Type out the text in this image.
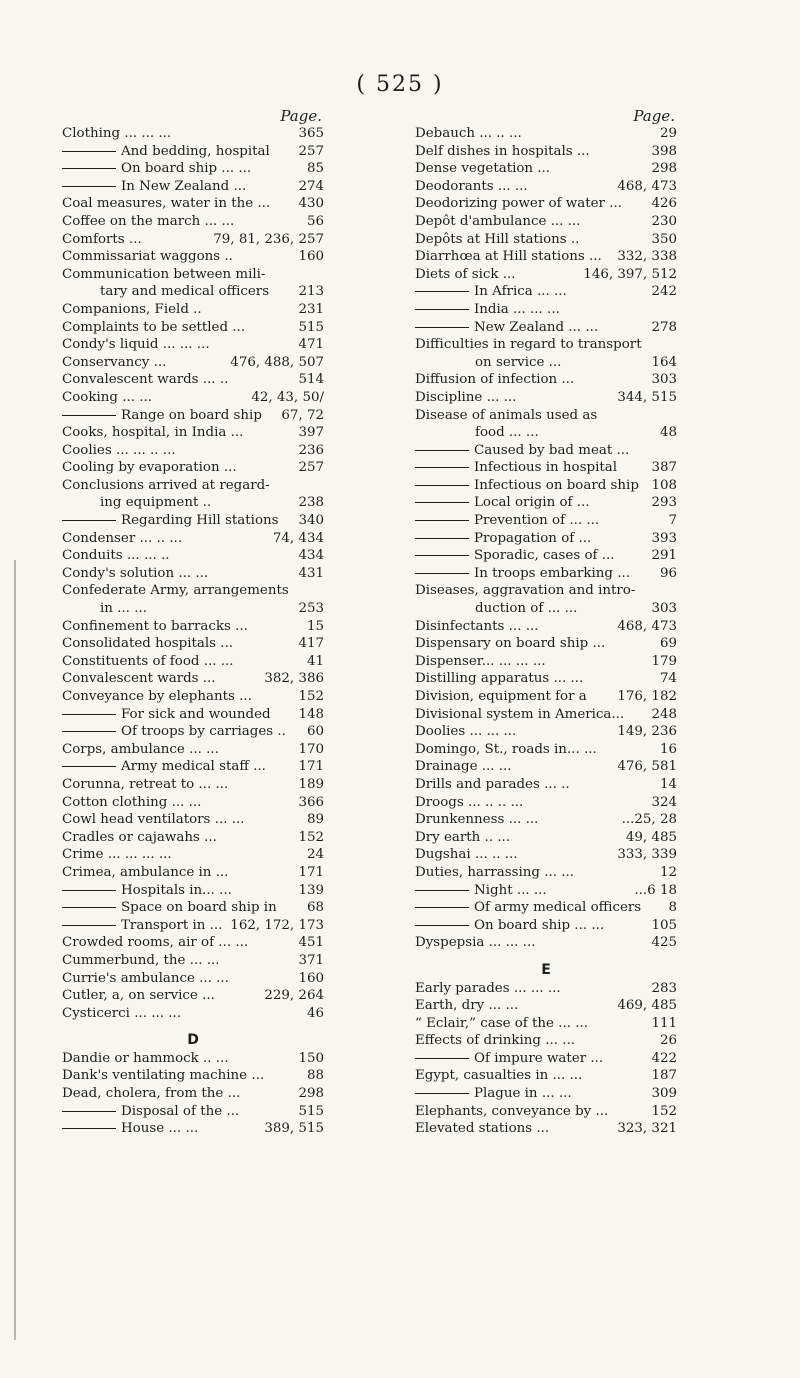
( 525 )
Page.
Clothing ... ... ...	365
And bedding, hospital	257
On board ship ... ...	85
In New Zealand ...	274
Coal measures, water in the ...	430
Coffee on the march ... ...	56
Comforts ...	79, 81, 236, 257
Commissariat waggons ..	160
Communication between mili-
tary and medical officers	213
Companions, Field ..	231
Complaints to be settled ...	515
Condy's liquid ... ... ...	471
Conservancy ...	476, 488, 507
Convalescent wards ... ..	514
Cooking ... ...	42, 43, 50/
Range on board ship	67, 72
Cooks, hospital, in India ...	397
Coolies ... ... .. ...	236
Cooling by evaporation ...	257
Conclusions arrived at regard-
ing equipment ..	238
Regarding Hill stations	340
Condenser ... .. ...	74, 434
Conduits ... ... ..	434
Condy's solution ... ...	431
Confederate Army, arrangements
in ... ...	253
Confinement to barracks ...	15
Consolidated hospitals ...	417
Constituents of food ... ...	41
Convalescent wards ...	382, 386
Conveyance by elephants ...	152
For sick and wounded	148
Of troops by carriages ..	60
Corps, ambulance ... ...	170
Army medical staff ...	171
Corunna, retreat to ... ...	189
Cotton clothing ... ...	366
Cowl head ventilators ... ...	89
Cradles or cajawahs ...	152
Crime ... ... ... ...	24
Crimea, ambulance in ...	171
Hospitals in... ...	139
Space on board ship in	68
Transport in ... 162, 172, 173
Crowded rooms, air of ... ...	451
Cummerbund, the ... ...	371
Currie's ambulance ... ...	160
Cutler, a, on service ...	229, 264
Cysticerci ... ... ...	46
D
Dandie or hammock .. ...	150
Dank's ventilating machine ...	88
Dead, cholera, from the ...	298
Disposal of the ...	515
House ... ...	389, 515
Page.
Debauch ... .. ...	29
Delf dishes in hospitals ...	398
Dense vegetation ...	298
Deodorants ... ...	468, 473
Deodorizing power of water ...	426
Depôt d'ambulance ... ...	230
Depôts at Hill stations ..	350
Diarrhœa at Hill stations ...	332, 338
Diets of sick ...	146, 397, 512
In Africa ... ...	242
India ... ... ...
New Zealand ... ...	278
Difficulties in regard to transport
on service ...	164
Diffusion of infection ...	303
Discipline ... ...	344, 515
Disease of animals used as
food ... ...	48
Caused by bad meat ...
Infectious in hospital	387
Infectious on board ship 108
Local origin of ...	293
Prevention of ... ...	7
Propagation of ...	393
Sporadic, cases of ...	291
In troops embarking ...	96
Diseases, aggravation and intro-
duction of ... ...	303
Disinfectants ... ...	468, 473
Dispensary on board ship ...	69
Dispenser... ... ... ...	179
Distilling apparatus ... ...	74
Division, equipment for a	176, 182
Divisional system in America...	248
Doolies ... ... ...	149, 236
Domingo, St., roads in... ...	16
Drainage ... ...	476, 581
Drills and parades ... ..	14
Droogs ... .. .. ...	324
Drunkenness ... ...	...25, 28
Dry earth .. ...	49, 485
Dugshai ... .. ...	333, 339
Duties, harrassing ... ...	12
Night ... ...	...6 18
Of army medical officers	8
On board ship ... ...	105
Dyspepsia ... ... ...	425
E
Early parades ... ... ...	283
Earth, dry ... ...	469, 485
“ Eclair,” case of the ... ...	111
Effects of drinking ... ...	26
Of impure water ...	422
Egypt, casualties in ... ...	187
Plague in ... ...	309
Elephants, conveyance by ...	152
Elevated stations ...	323, 321
